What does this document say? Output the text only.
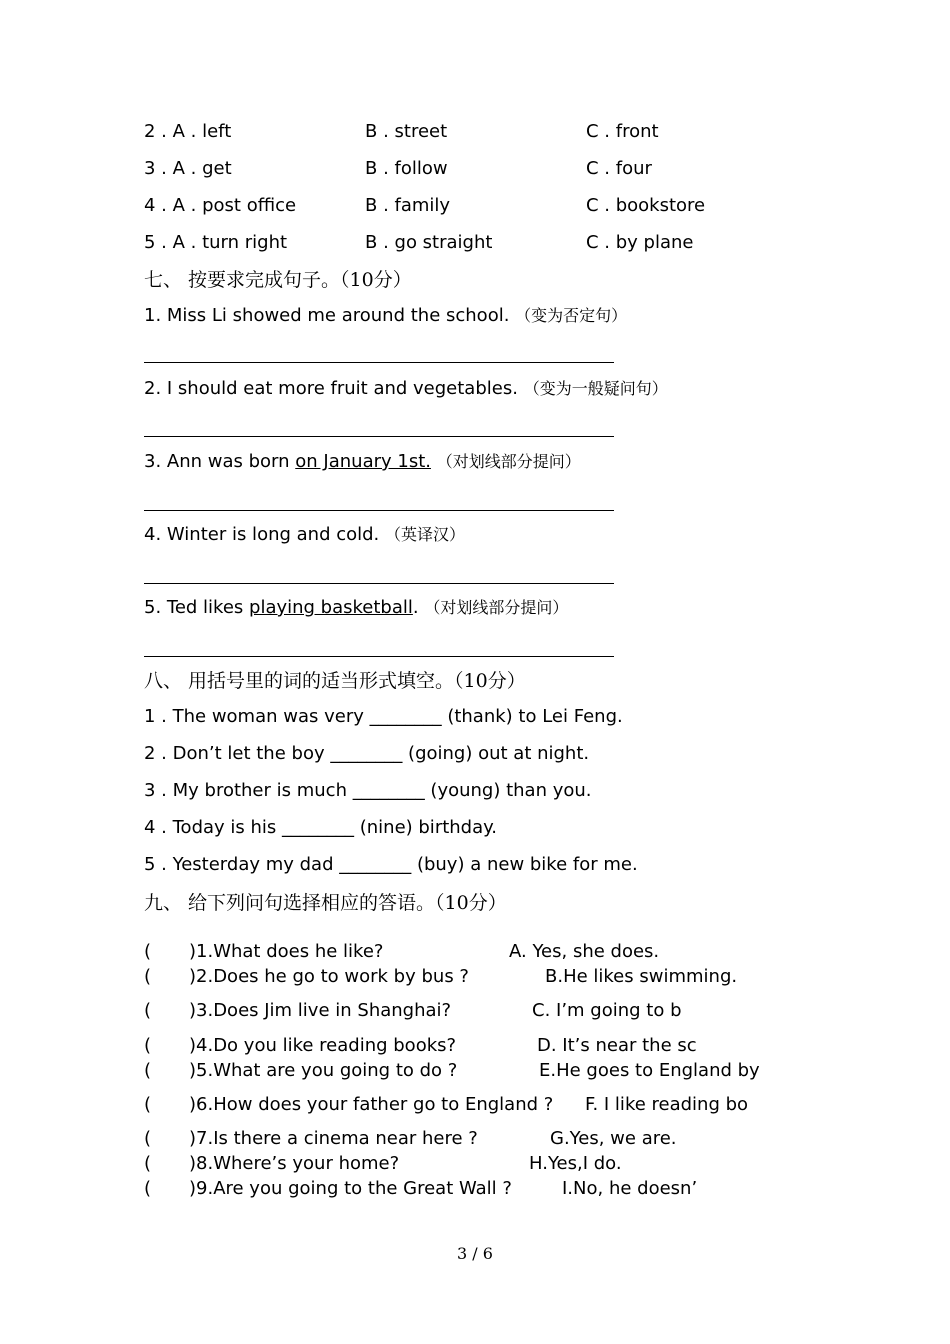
2 . A . left	B . street	C . front
3 . A . get	B . follow	C . four
4 . A . post office	B . family	C . bookstore
5 . A . turn right	B . go straight	C . by plane
七、 按要求完成句子。（10分）
1. Miss Li showed me around the school. （变为否定句）
2. I should eat more fruit and vegetables. （变为一般疑问句）
3. Ann was born on January 1st. （对划线部分提问）
4. Winter is long and cold. （英译汉）
5. Ted likes playing basketball. （对划线部分提问）
八、 用括号里的词的适当形式填空。（10分）
1 . The woman was very ________ (thank) to Lei Feng.
2 . Don’t let the boy ________ (going) out at night.
3 . My brother is much ________ (young) than you.
4 . Today is his ________ (nine) birthday.
5 . Yesterday my dad ________ (buy) a new bike for me.
九、 给下列问句选择相应的答语。（10分）
( )1.What does he like?	A. Yes, she does.
( )2.Does he go to work by bus ?	B.He likes swimming.
( )3.Does Jim live in Shanghai?	C. I’m going to b
( )4.Do you like reading books?	D. It’s near the sc
( )5.What are you going to do ?	E.He goes to England by
( )6.How does your father go to England ? F. I like reading bo
( )7.Is there a cinema near here ?	G.Yes, we are.
( )8.Where’s your home?	H.Yes,I do.
( )9.Are you going to the Great Wall ?	I.No, he doesn’
3 / 6
